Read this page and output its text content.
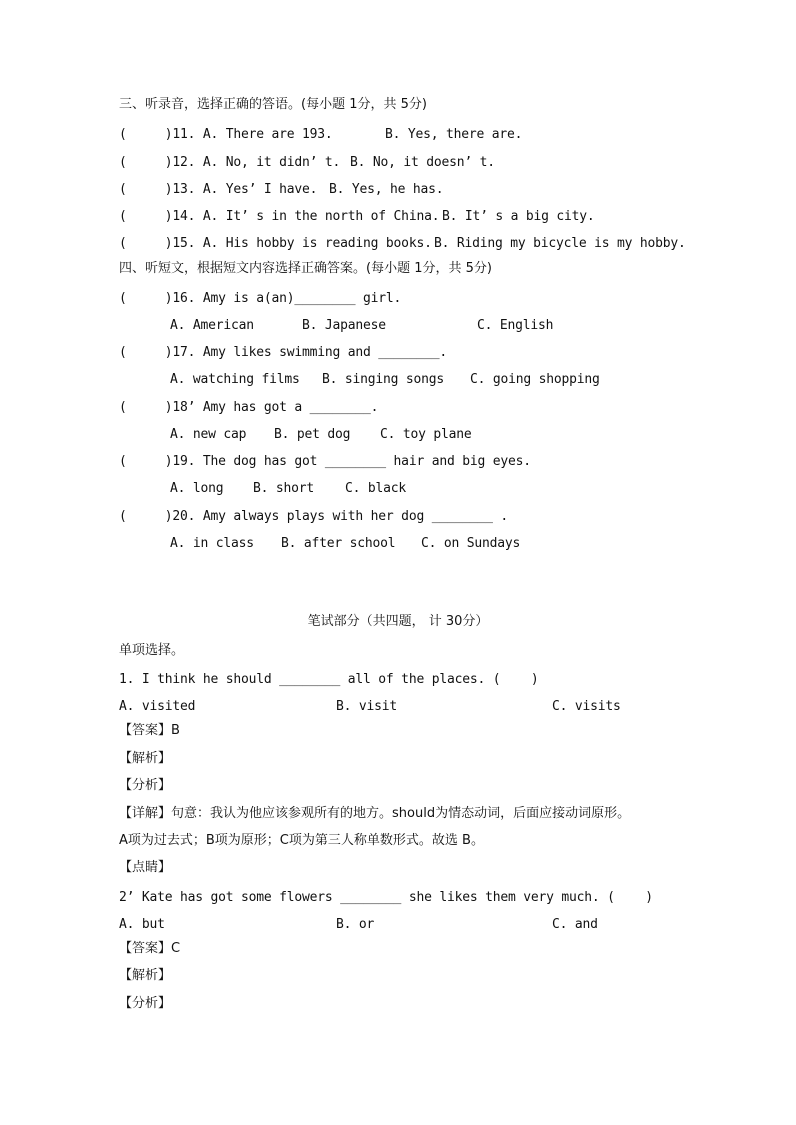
三、听录音，选择正确的答语。(每小题 1分，共 5分)
(     )11. A. There are 193.	B. Yes, there are.
(     )12. A. No, it didn’ t. B. No, it doesn’ t.
(     )13. A. Yes’ I have. B. Yes, he has.
(     )14. A. It’ s in the north of China. B. It’ s a big city.
(     )15. A. His hobby is reading books. B. Riding my bicycle is my hobby.
四、听短文，根据短文内容选择正确答案。(每小题 1分，共 5分)
(     )16. Amy is a(an)________ girl.
A. American	B. Japanese	C. English
(     )17. Amy likes swimming and ________.
A. watching films B. singing songs C. going shopping
(     )18’ Amy has got a ________.
A. new cap B. pet dog C. toy plane
(     )19. The dog has got ________ hair and big eyes.
A. long B. short C. black
(     )20. Amy always plays with her dog ________ .
A. in class B. after school C. on Sundays
笔试部分（共四题， 计 30分）
单项选择。
1. I think he should ________ all of the places. (    )
A. visited	B. visit	C. visits
【答案】B
【解析】
【分析】
【详解】句意：我认为他应该参观所有的地方。should为情态动词，后面应接动词原形。
A项为过去式；B项为原形；C项为第三人称单数形式。故选 B。
【点睛】
2’ Kate has got some flowers ________ she likes them very much. (    )
A. but	B. or	C. and
【答案】C
【解析】
【分析】
